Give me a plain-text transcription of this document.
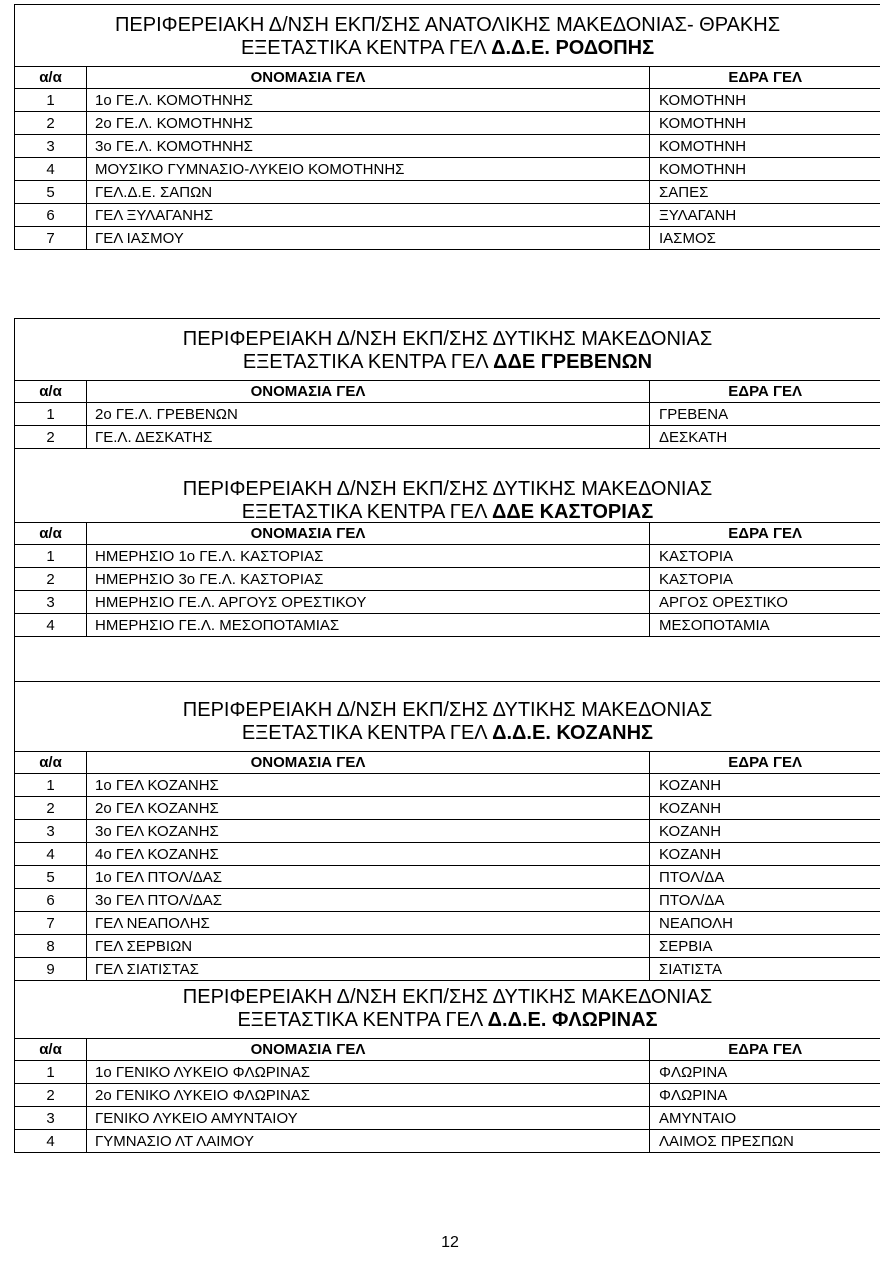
ΠΕΡΙΦΕΡΕΙΑΚΗ Δ/ΝΣΗ ΕΚΠ/ΣΗΣ ΑΝΑΤΟΛΙΚΗΣ ΜΑΚΕΔΟΝΙΑΣ- ΘΡΑΚΗΣ		
ΕΞΕΤΑΣΤΙΚΑ ΚΕΝΤΡΑ ΓΕΛ Δ.Δ.Ε. ΡΟΔΟΠΗΣ		
α/α	ΟΝΟΜΑΣΙΑ ΓΕΛ	ΕΔΡΑ ΓΕΛ
1	1ο ΓΕ.Λ. ΚΟΜΟΤΗΝΗΣ	ΚΟΜΟΤΗΝΗ
2	2ο ΓΕ.Λ. ΚΟΜΟΤΗΝΗΣ	ΚΟΜΟΤΗΝΗ
3	3ο ΓΕ.Λ. ΚΟΜΟΤΗΝΗΣ	ΚΟΜΟΤΗΝΗ
4	ΜΟΥΣΙΚΟ ΓΥΜΝΑΣΙΟ-ΛΥΚΕΙΟ ΚΟΜΟΤΗΝΗΣ	ΚΟΜΟΤΗΝΗ
5	ΓΕΛ.Δ.Ε. ΣΑΠΩΝ	ΣΑΠΕΣ
6	ΓΕΛ ΞΥΛΑΓΑΝΗΣ	ΞΥΛΑΓΑΝΗ
7	ΓΕΛ ΙΑΣΜΟΥ	ΙΑΣΜΟΣ
ΠΕΡΙΦΕΡΕΙΑΚΗ Δ/ΝΣΗ ΕΚΠ/ΣΗΣ ΔΥΤΙΚΗΣ ΜΑΚΕΔΟΝΙΑΣ		
ΕΞΕΤΑΣΤΙΚΑ ΚΕΝΤΡΑ ΓΕΛ ΔΔΕ ΓΡΕΒΕΝΩΝ		
α/α	ΟΝΟΜΑΣΙΑ ΓΕΛ	ΕΔΡΑ ΓΕΛ
1	2ο ΓΕ.Λ. ΓΡΕΒΕΝΩΝ	ΓΡΕΒΕΝΑ
2	ΓΕ.Λ. ΔΕΣΚΑΤΗΣ	ΔΕΣΚΑΤΗ

ΠΕΡΙΦΕΡΕΙΑΚΗ Δ/ΝΣΗ ΕΚΠ/ΣΗΣ ΔΥΤΙΚΗΣ ΜΑΚΕΔΟΝΙΑΣ		
ΕΞΕΤΑΣΤΙΚΑ ΚΕΝΤΡΑ ΓΕΛ ΔΔΕ ΚΑΣΤΟΡΙΑΣ		
α/α	ΟΝΟΜΑΣΙΑ ΓΕΛ	ΕΔΡΑ ΓΕΛ
1	ΗΜΕΡΗΣΙΟ 1ο ΓΕ.Λ. ΚΑΣΤΟΡΙΑΣ	ΚΑΣΤΟΡΙΑ
2	ΗΜΕΡΗΣΙΟ 3ο ΓΕ.Λ. ΚΑΣΤΟΡΙΑΣ	ΚΑΣΤΟΡΙΑ
3	ΗΜΕΡΗΣΙΟ ΓΕ.Λ. ΑΡΓΟΥΣ ΟΡΕΣΤΙΚΟΥ	ΑΡΓΟΣ ΟΡΕΣΤΙΚΟ
4	ΗΜΕΡΗΣΙΟ ΓΕ.Λ. ΜΕΣΟΠΟΤΑΜΙΑΣ	ΜΕΣΟΠΟΤΑΜΙΑ

ΠΕΡΙΦΕΡΕΙΑΚΗ Δ/ΝΣΗ ΕΚΠ/ΣΗΣ ΔΥΤΙΚΗΣ ΜΑΚΕΔΟΝΙΑΣ		
ΕΞΕΤΑΣΤΙΚΑ ΚΕΝΤΡΑ ΓΕΛ Δ.Δ.Ε. ΚΟΖΑΝΗΣ		
α/α	ΟΝΟΜΑΣΙΑ ΓΕΛ	ΕΔΡΑ ΓΕΛ
1	1ο ΓΕΛ ΚΟΖΑΝΗΣ	ΚΟΖΑΝΗ
2	2ο ΓΕΛ ΚΟΖΑΝΗΣ	ΚΟΖΑΝΗ
3	3ο ΓΕΛ ΚΟΖΑΝΗΣ	ΚΟΖΑΝΗ
4	4ο ΓΕΛ ΚΟΖΑΝΗΣ	ΚΟΖΑΝΗ
5	1ο ΓΕΛ ΠΤΟΛ/ΔΑΣ	ΠΤΟΛ/ΔΑ
6	3ο ΓΕΛ ΠΤΟΛ/ΔΑΣ	ΠΤΟΛ/ΔΑ
7	ΓΕΛ ΝΕΑΠΟΛΗΣ	ΝΕΑΠΟΛΗ
8	ΓΕΛ ΣΕΡΒΙΩΝ	ΣΕΡΒΙΑ
9	ΓΕΛ ΣΙΑΤΙΣΤΑΣ	ΣΙΑΤΙΣΤΑ
ΠΕΡΙΦΕΡΕΙΑΚΗ Δ/ΝΣΗ ΕΚΠ/ΣΗΣ ΔΥΤΙΚΗΣ ΜΑΚΕΔΟΝΙΑΣ		
ΕΞΕΤΑΣΤΙΚΑ ΚΕΝΤΡΑ ΓΕΛ Δ.Δ.Ε. ΦΛΩΡΙΝΑΣ		
α/α	ΟΝΟΜΑΣΙΑ ΓΕΛ	ΕΔΡΑ ΓΕΛ
1	1ο ΓΕΝΙΚΟ ΛΥΚΕΙΟ ΦΛΩΡΙΝΑΣ	ΦΛΩΡΙΝΑ
2	2ο ΓΕΝΙΚΟ ΛΥΚΕΙΟ ΦΛΩΡΙΝΑΣ	ΦΛΩΡΙΝΑ
3	ΓΕΝΙΚΟ ΛΥΚΕΙΟ ΑΜΥΝΤΑΙΟΥ	ΑΜΥΝΤΑΙΟ
4	ΓΥΜΝΑΣΙΟ ΛΤ ΛΑΙΜΟΥ	ΛΑΙΜΟΣ ΠΡΕΣΠΩΝ
12
